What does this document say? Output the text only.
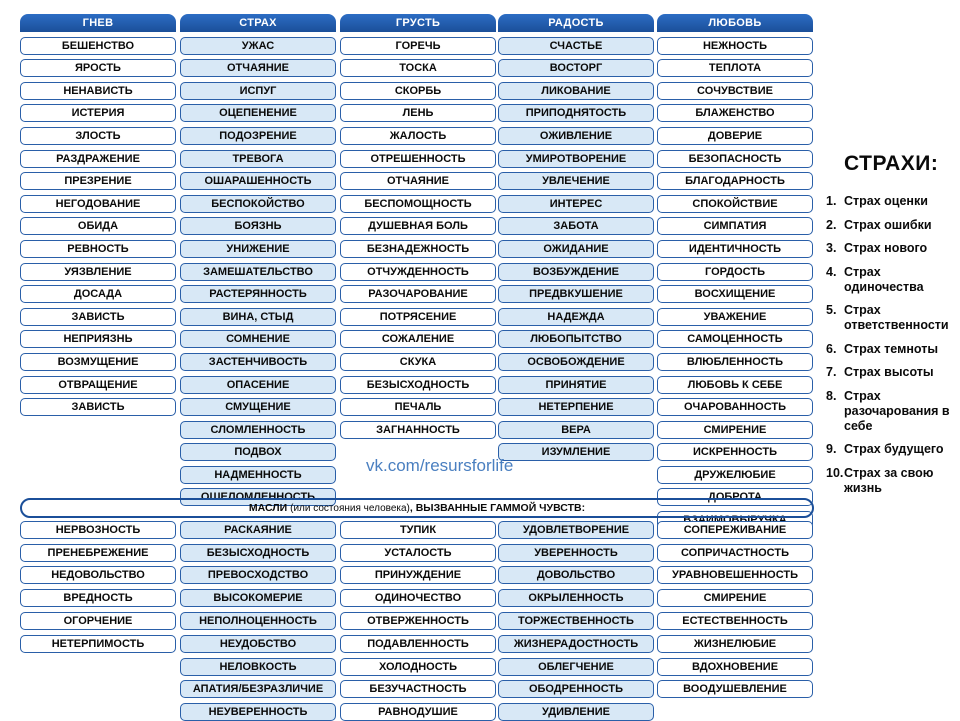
ГНЕВ
БЕШЕНСТВО
ЯРОСТЬ
НЕНАВИСТЬ
ИСТЕРИЯ
ЗЛОСТЬ
РАЗДРАЖЕНИЕ
ПРЕЗРЕНИЕ
НЕГОДОВАНИЕ
ОБИДА
РЕВНОСТЬ
УЯЗВЛЕНИЕ
ДОСАДА
ЗАВИСТЬ
НЕПРИЯЗНЬ
ВОЗМУЩЕНИЕ
ОТВРАЩЕНИЕ
ЗАВИСТЬ
СТРАХ
УЖАС
ОТЧАЯНИЕ
ИСПУГ
ОЦЕПЕНЕНИЕ
ПОДОЗРЕНИЕ
ТРЕВОГА
ОШАРАШЕННОСТЬ
БЕСПОКОЙСТВО
БОЯЗНЬ
УНИЖЕНИЕ
ЗАМЕШАТЕЛЬСТВО
РАСТЕРЯННОСТЬ
ВИНА, СТЫД
СОМНЕНИЕ
ЗАСТЕНЧИВОСТЬ
ОПАСЕНИЕ
СМУЩЕНИЕ
СЛОМЛЕННОСТЬ
ПОДВОХ
НАДМЕННОСТЬ
ОШЕЛОМЛЕННОСТЬ
ГРУСТЬ
ГОРЕЧЬ
ТОСКА
СКОРБЬ
ЛЕНЬ
ЖАЛОСТЬ
ОТРЕШЕННОСТЬ
ОТЧАЯНИЕ
БЕСПОМОЩНОСТЬ
ДУШЕВНАЯ БОЛЬ
БЕЗНАДЕЖНОСТЬ
ОТЧУЖДЕННОСТЬ
РАЗОЧАРОВАНИЕ
ПОТРЯСЕНИЕ
СОЖАЛЕНИЕ
СКУКА
БЕЗЫСХОДНОСТЬ
ПЕЧАЛЬ
ЗАГНАННОСТЬ
РАДОСТЬ
СЧАСТЬЕ
ВОСТОРГ
ЛИКОВАНИЕ
ПРИПОДНЯТОСТЬ
ОЖИВЛЕНИЕ
УМИРОТВОРЕНИЕ
УВЛЕЧЕНИЕ
ИНТЕРЕС
ЗАБОТА
ОЖИДАНИЕ
ВОЗБУЖДЕНИЕ
ПРЕДВКУШЕНИЕ
НАДЕЖДА
ЛЮБОПЫТСТВО
ОСВОБОЖДЕНИЕ
ПРИНЯТИЕ
НЕТЕРПЕНИЕ
ВЕРА
ИЗУМЛЕНИЕ
ЛЮБОВЬ
НЕЖНОСТЬ
ТЕПЛОТА
СОЧУВСТВИЕ
БЛАЖЕНСТВО
ДОВЕРИЕ
БЕЗОПАСНОСТЬ
БЛАГОДАРНОСТЬ
СПОКОЙСТВИЕ
СИМПАТИЯ
ИДЕНТИЧНОСТЬ
ГОРДОСТЬ
ВОСХИЩЕНИЕ
УВАЖЕНИЕ
САМОЦЕННОСТЬ
ВЛЮБЛЕННОСТЬ
ЛЮБОВЬ К СЕБЕ
ОЧАРОВАННОСТЬ
СМИРЕНИЕ
ИСКРЕННОСТЬ
ДРУЖЕЛЮБИЕ
ДОБРОТА
vk.com/resursforlife
МАСЛИ (или состояния человека), ВЫЗВАННЫЕ ГАММОЙ ЧУВСТВ:
НЕРВОЗНОСТЬ
ПРЕНЕБРЕЖЕНИЕ
НЕДОВОЛЬСТВО
ВРЕДНОСТЬ
ОГОРЧЕНИЕ
НЕТЕРПИМОСТЬ
РАСКАЯНИЕ
БЕЗЫСХОДНОСТЬ
ПРЕВОСХОДСТВО
ВЫСОКОМЕРИЕ
НЕПОЛНОЦЕННОСТЬ
НЕУДОБСТВО
НЕЛОВКОСТЬ
АПАТИЯ/БЕЗРАЗЛИЧИЕ
НЕУВЕРЕННОСТЬ
ТУПИК
УСТАЛОСТЬ
ПРИНУЖДЕНИЕ
ОДИНОЧЕСТВО
ОТВЕРЖЕННОСТЬ
ПОДАВЛЕННОСТЬ
ХОЛОДНОСТЬ
БЕЗУЧАСТНОСТЬ
РАВНОДУШИЕ
УДОВЛЕТВОРЕНИЕ
УВЕРЕННОСТЬ
ДОВОЛЬСТВО
ОКРЫЛЕННОСТЬ
ТОРЖЕСТВЕННОСТЬ
ЖИЗНЕРАДОСТНОСТЬ
ОБЛЕГЧЕНИЕ
ОБОДРЕННОСТЬ
УДИВЛЕНИЕ
СОПЕРЕЖИВАНИЕ
СОПРИЧАСТНОСТЬ
УРАВНОВЕШЕННОСТЬ
СМИРЕНИЕ
ЕСТЕСТВЕННОСТЬ
ЖИЗНЕЛЮБИЕ
ВДОХНОВЕНИЕ
ВООДУШЕВЛЕНИЕ
СТРАХИ:
1. Страх оценки
2. Страх ошибки
3. Страх нового
4. Страх одиночества
5. Страх ответственности
6. Страх темноты
7. Страх высоты
8. Страх разочарования в себе
9. Страх будущего
10. Страх за свою жизнь
